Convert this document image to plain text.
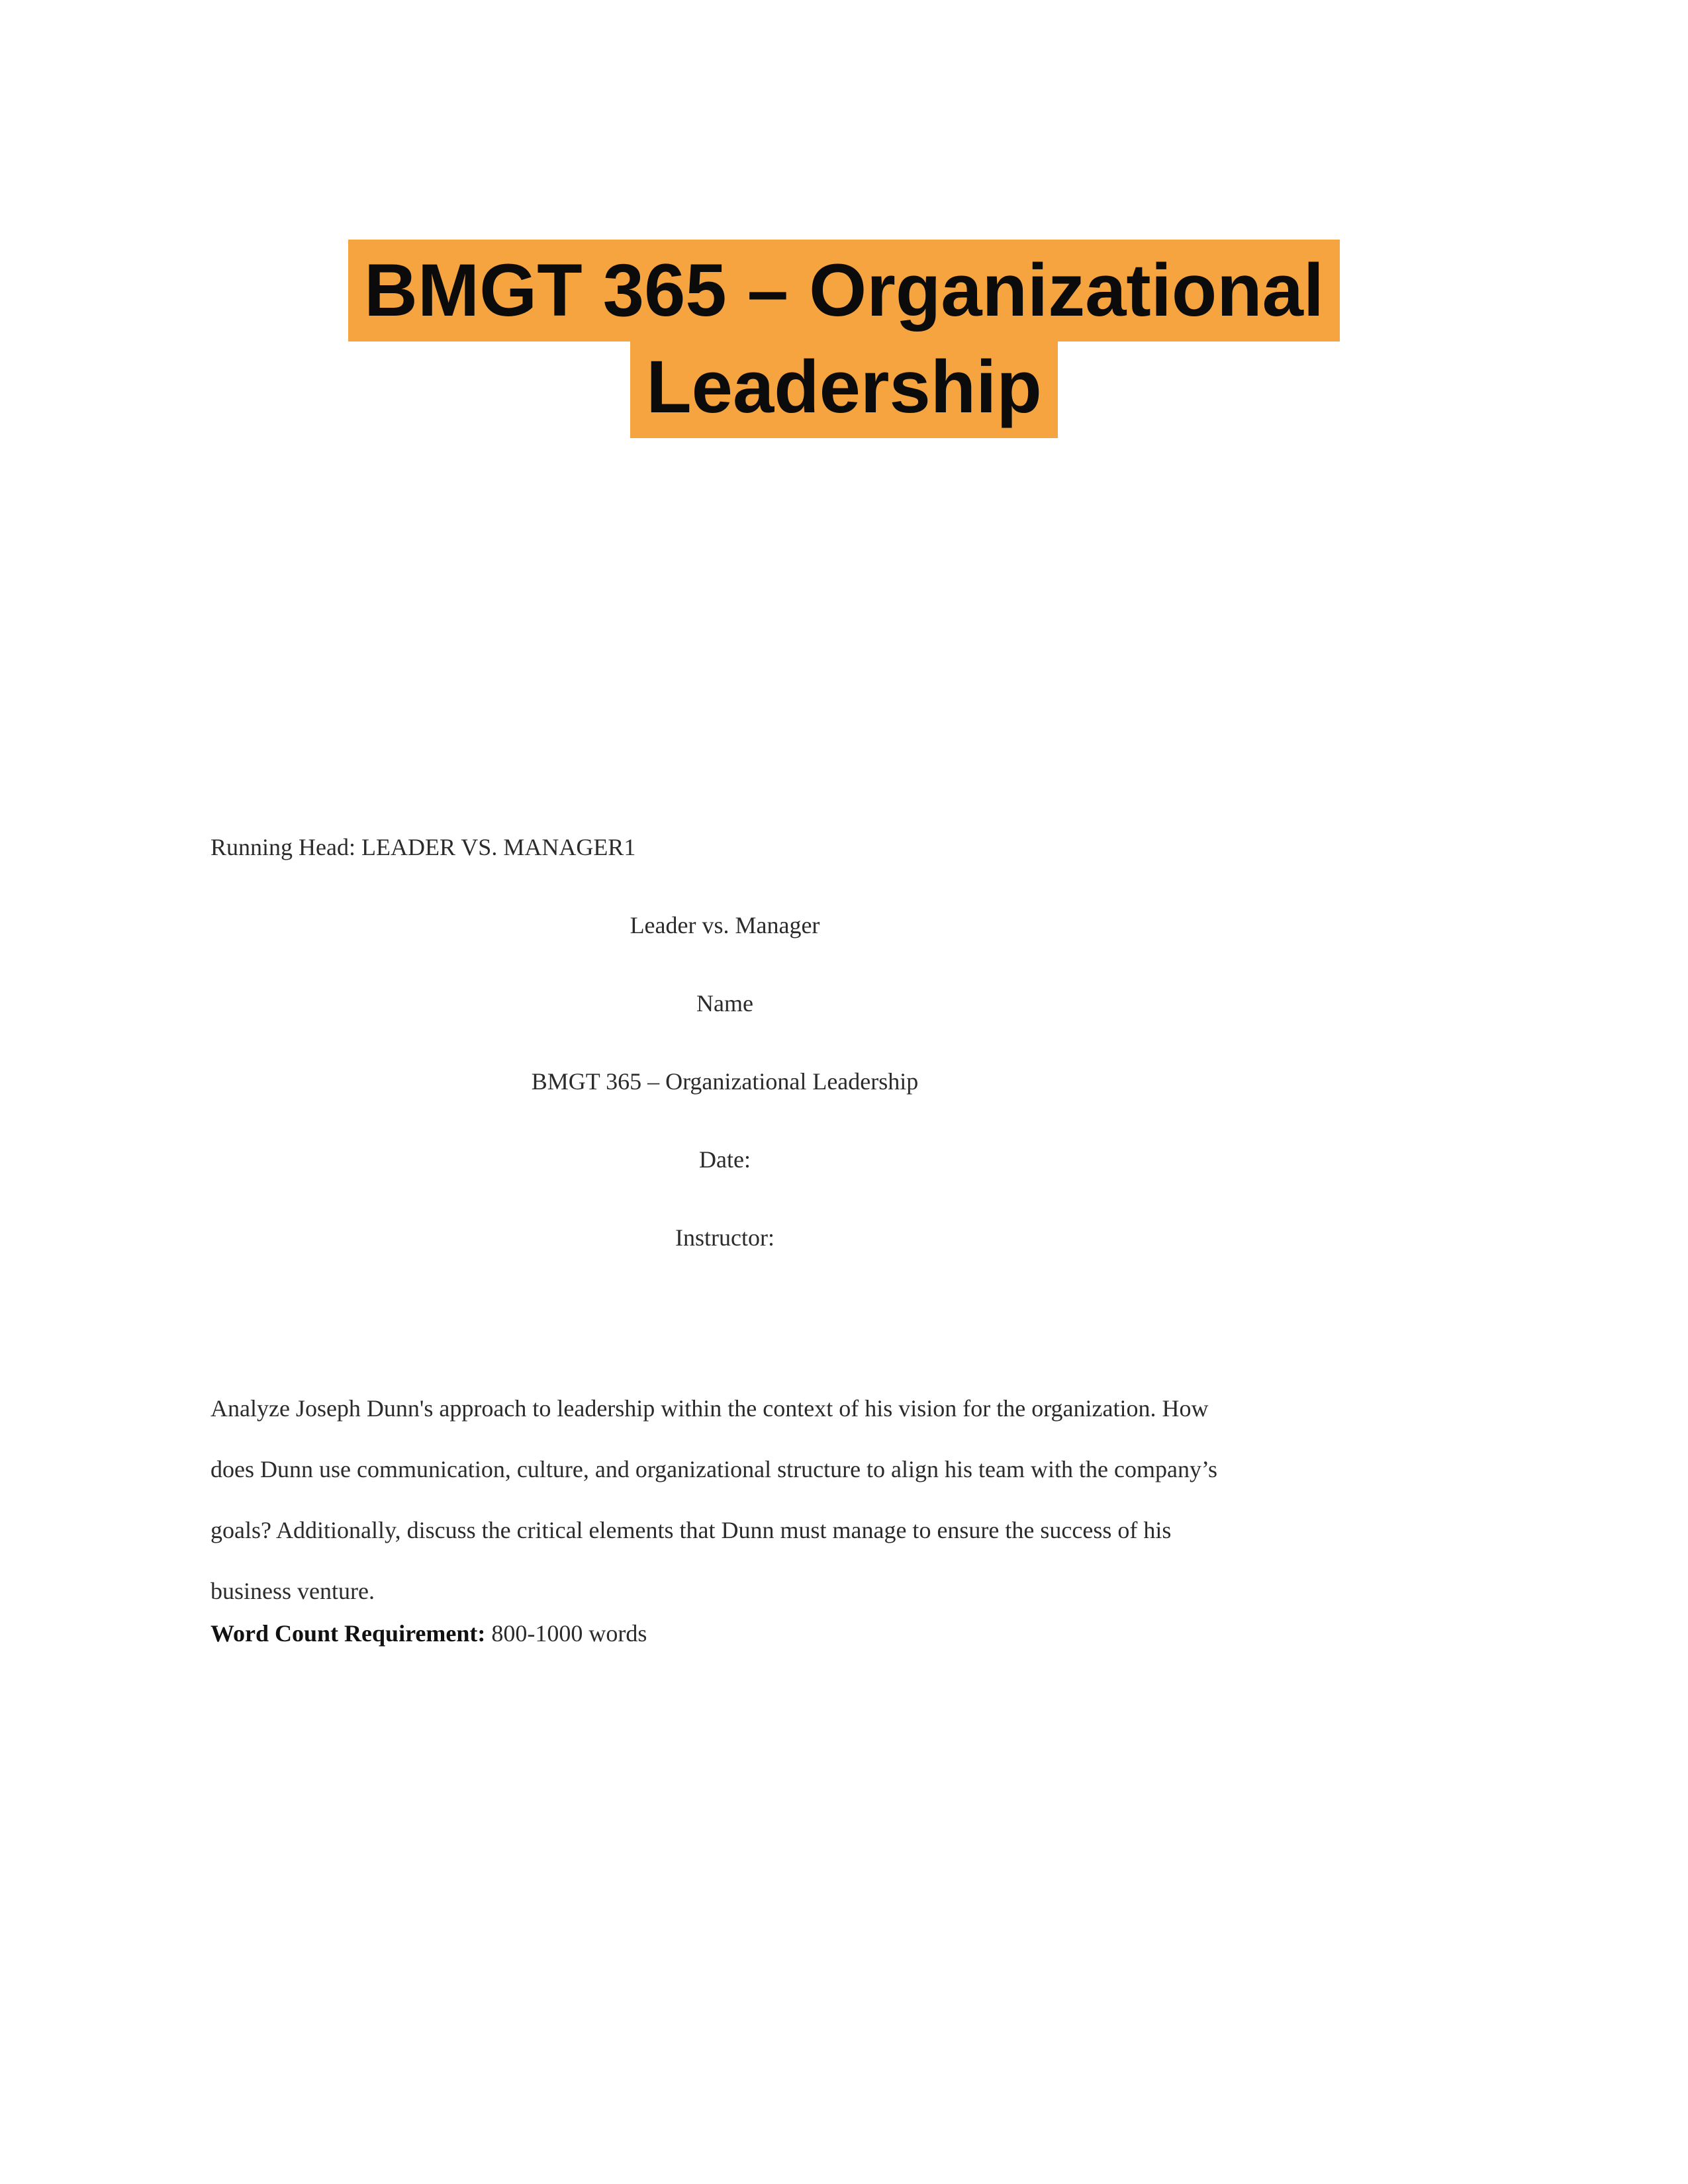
BMGT 365 – Organizational
Leadership
Running Head: LEADER VS. MANAGER1
Leader vs. Manager
Name
BMGT 365 – Organizational Leadership
Date:
Instructor:

Analyze Joseph Dunn's approach to leadership within the context of his vision for the organization. How does Dunn use communication, culture, and organizational structure to align his team with the company’s goals? Additionally, discuss the critical elements that Dunn must manage to ensure the success of his business venture.

Word Count Requirement: 800-1000 words
